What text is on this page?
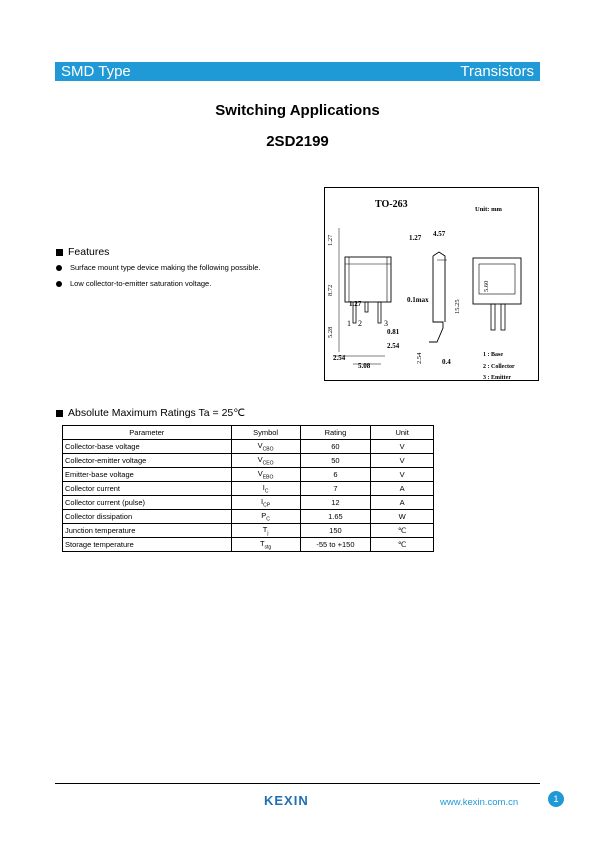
SMD Type	Transistors
Switching Applications
2SD2199
TO-263	Unit: mm
1 2	3
1.27
8.72
5.28
2.54
5.08
1.27
0.81
2.54
1.27 4.57
0.1max	15.25
2.54	0.4
5.60
1 : Base
2 : Collector
3 : Emitter
Features
Surface mount type device making the following possible.
Low collector-to-emitter saturation voltage.
Absolute Maximum Ratings Ta = 25℃
Parameter	Symbol	Rating	Unit
Collector-base voltage	$V_{CBO}$	60	V
Collector-emitter voltage	$V_{CEO}$	50	V
Emitter-base voltage	$V_{EBO}$	6	V
Collector current	$I_C$	7	A
Collector current (pulse)	$I_{CP}$	12	A
Collector dissipation	$P_C$	1.65	W
Junction temperature	$T_j$	150	℃
Storage temperature	$T_{stg}$	-55 to +150	℃
KEXIN	www.kexin.com.cn	1
